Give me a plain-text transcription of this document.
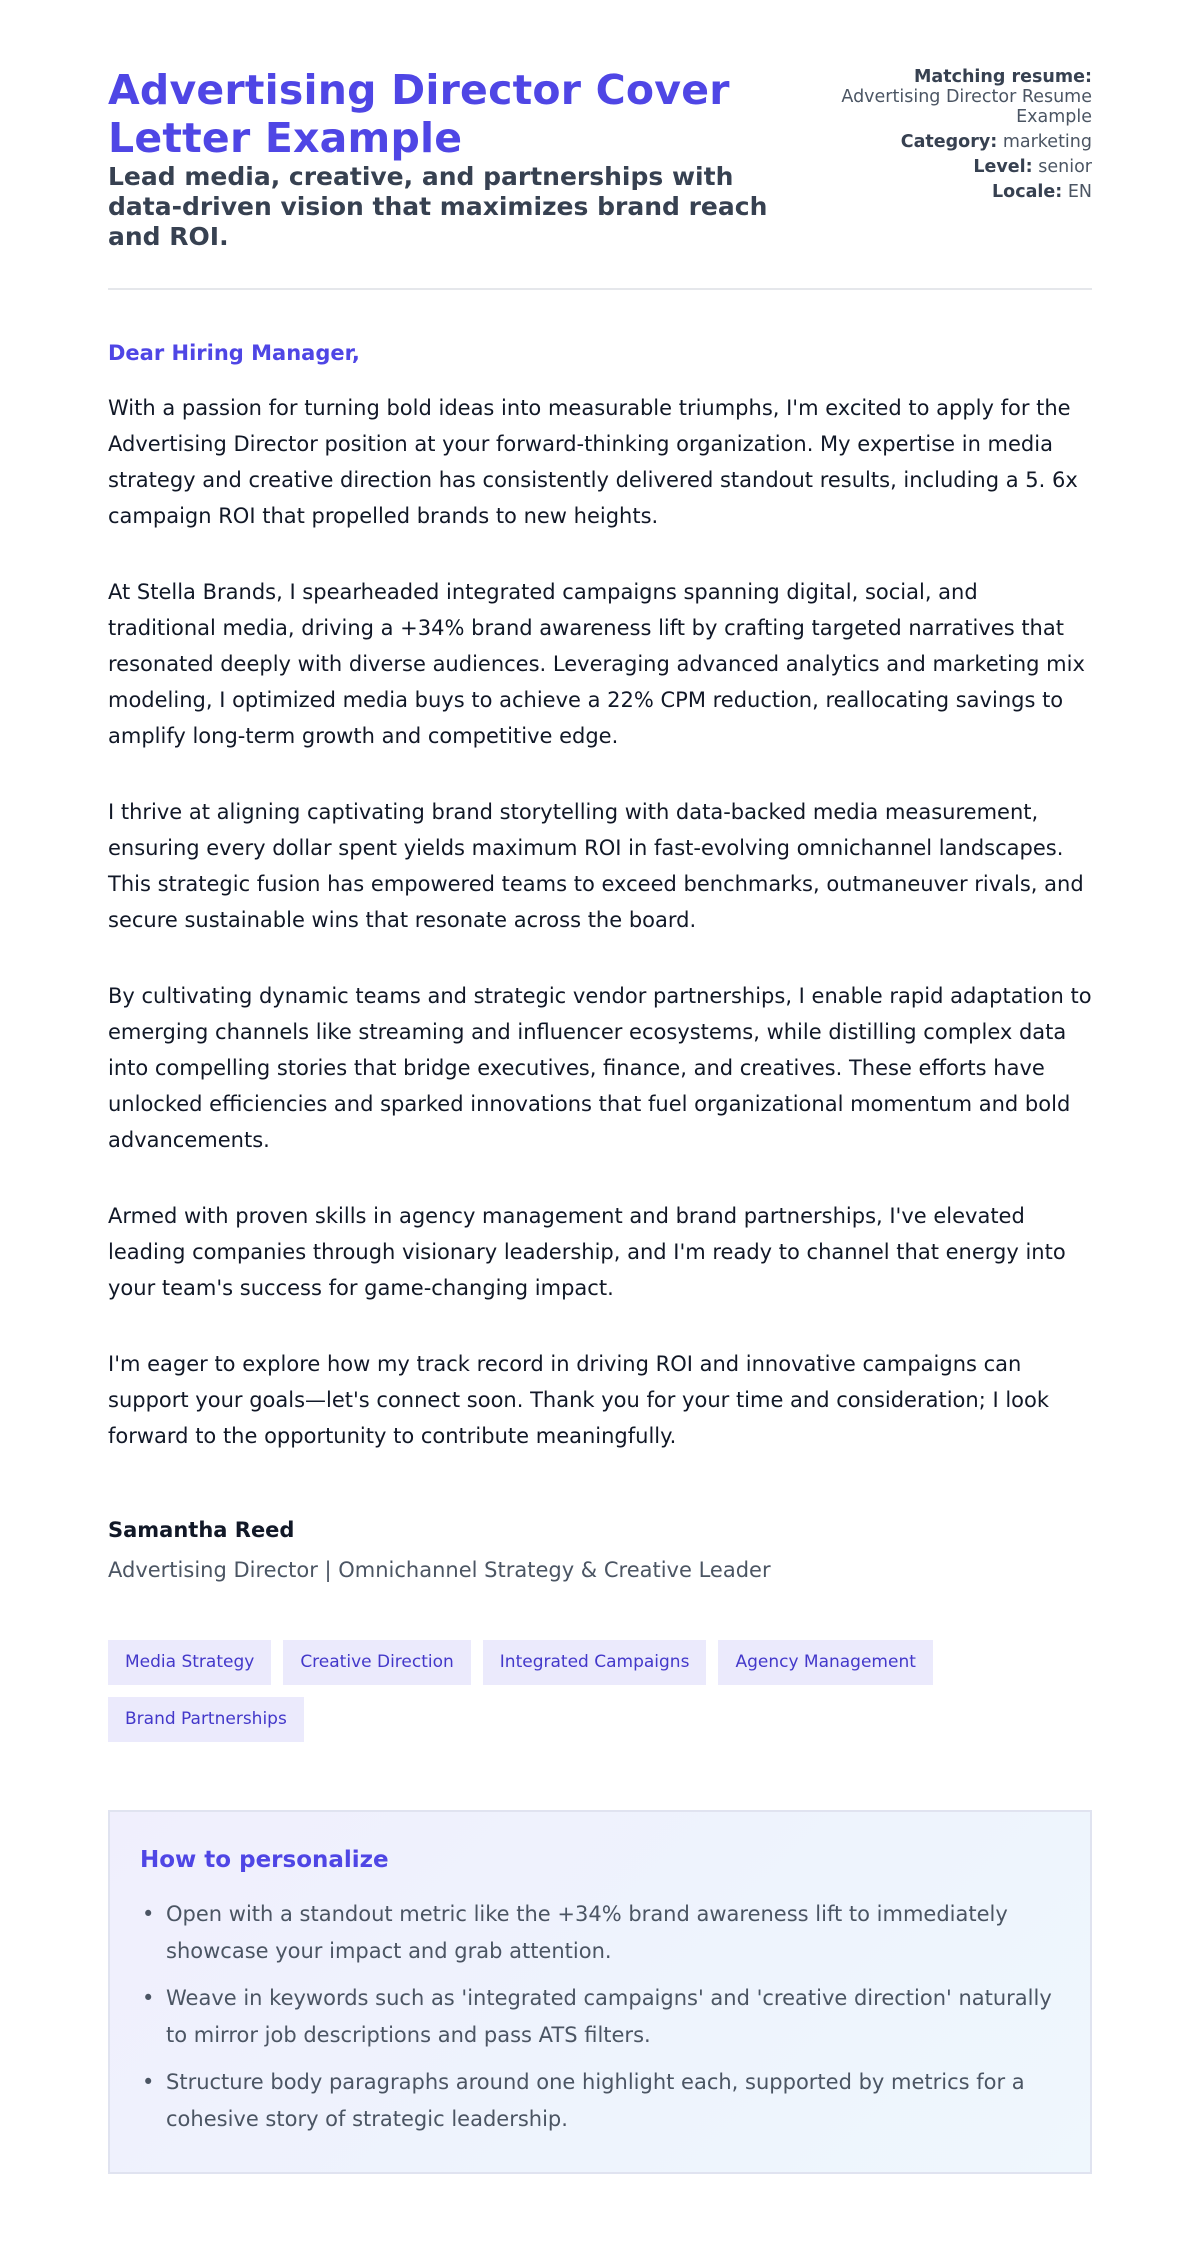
Advertising Director Cover Letter Example
Lead media, creative, and partnerships with data-driven vision that maximizes brand reach and ROI.
Matching resume:
Advertising Director Resume Example
Category: marketing
Level: senior
Locale: EN

Dear Hiring Manager,

With a passion for turning bold ideas into measurable triumphs, I'm excited to apply for the Advertising Director position at your forward-thinking organization. My expertise in media strategy and creative direction has consistently delivered standout results, including a 5. 6x campaign ROI that propelled brands to new heights.

At Stella Brands, I spearheaded integrated campaigns spanning digital, social, and traditional media, driving a +34% brand awareness lift by crafting targeted narratives that resonated deeply with diverse audiences. Leveraging advanced analytics and marketing mix modeling, I optimized media buys to achieve a 22% CPM reduction, reallocating savings to amplify long-term growth and competitive edge.

I thrive at aligning captivating brand storytelling with data-backed media measurement, ensuring every dollar spent yields maximum ROI in fast-evolving omnichannel landscapes. This strategic fusion has empowered teams to exceed benchmarks, outmaneuver rivals, and secure sustainable wins that resonate across the board.

By cultivating dynamic teams and strategic vendor partnerships, I enable rapid adaptation to emerging channels like streaming and influencer ecosystems, while distilling complex data into compelling stories that bridge executives, finance, and creatives. These efforts have unlocked efficiencies and sparked innovations that fuel organizational momentum and bold advancements.

Armed with proven skills in agency management and brand partnerships, I've elevated leading companies through visionary leadership, and I'm ready to channel that energy into your team's success for game-changing impact.

I'm eager to explore how my track record in driving ROI and innovative campaigns can support your goals—let's connect soon. Thank you for your time and consideration; I look forward to the opportunity to contribute meaningfully.

Samantha Reed
Advertising Director | Omnichannel Strategy & Creative Leader
Media Strategy	Creative Direction	Integrated Campaigns	Agency Management
Brand Partnerships
How to personalize
• Open with a standout metric like the +34% brand awareness lift to immediately showcase your impact and grab attention.
• Weave in keywords such as 'integrated campaigns' and 'creative direction' naturally to mirror job descriptions and pass ATS filters.
• Structure body paragraphs around one highlight each, supported by metrics for a cohesive story of strategic leadership.
